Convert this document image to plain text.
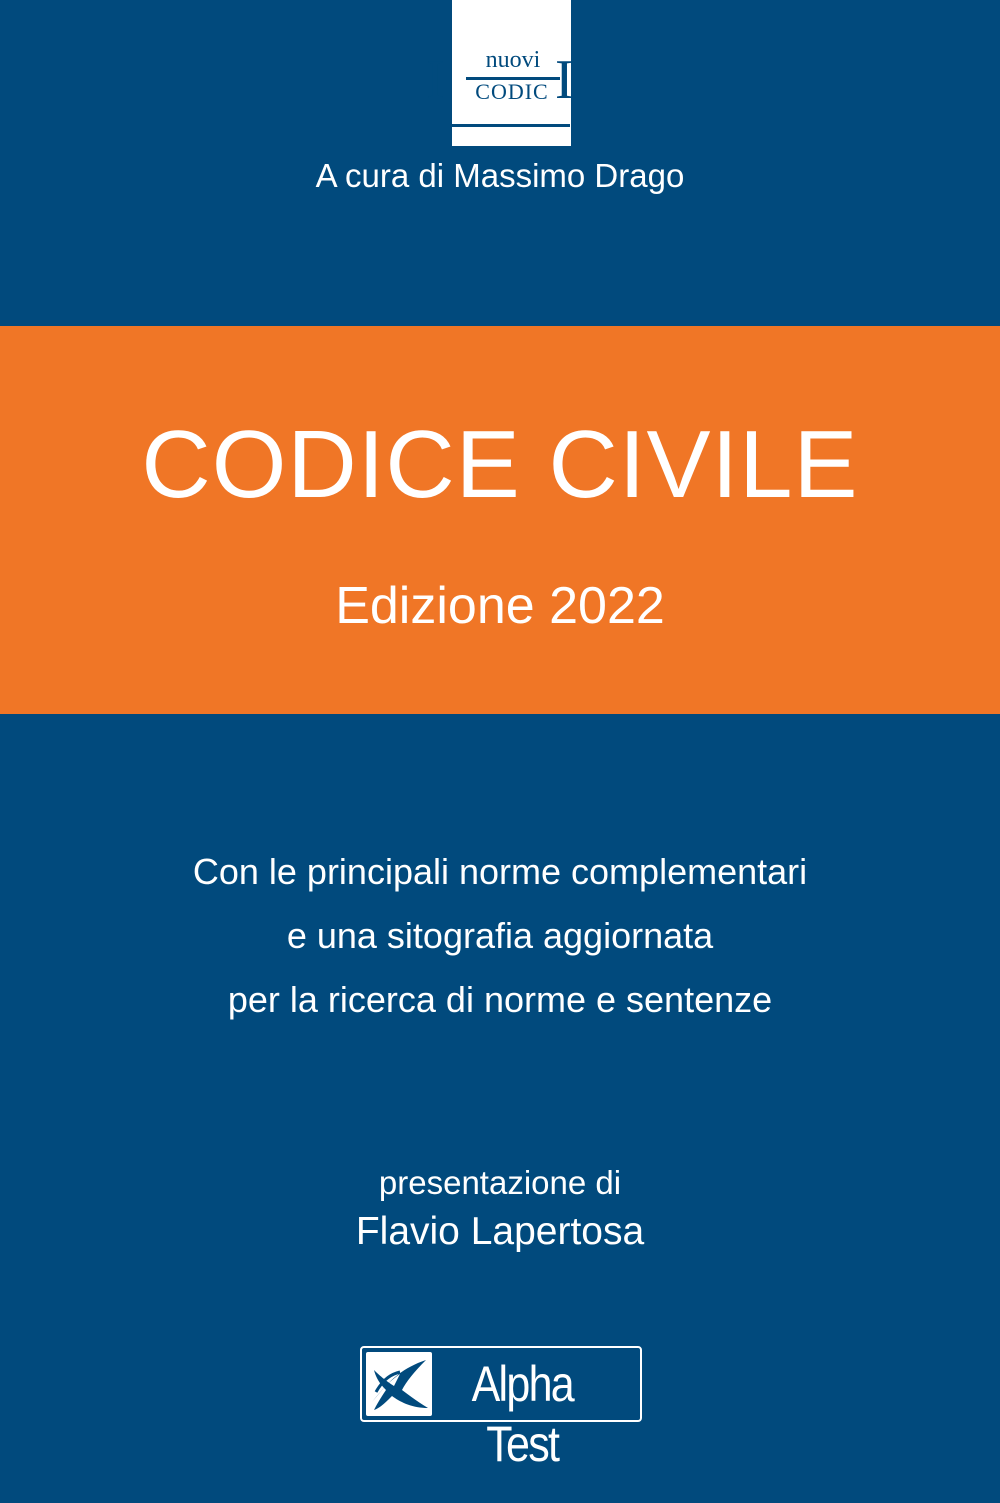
nuovi
I	CODIC I
A cura di Massimo Drago
CODICE CIVILE
Edizione 2022
Con le principali norme complementari
e una sitografia aggiornata
per la ricerca di norme e sentenze
presentazione di
Flavio Lapertosa
Alpha Test
